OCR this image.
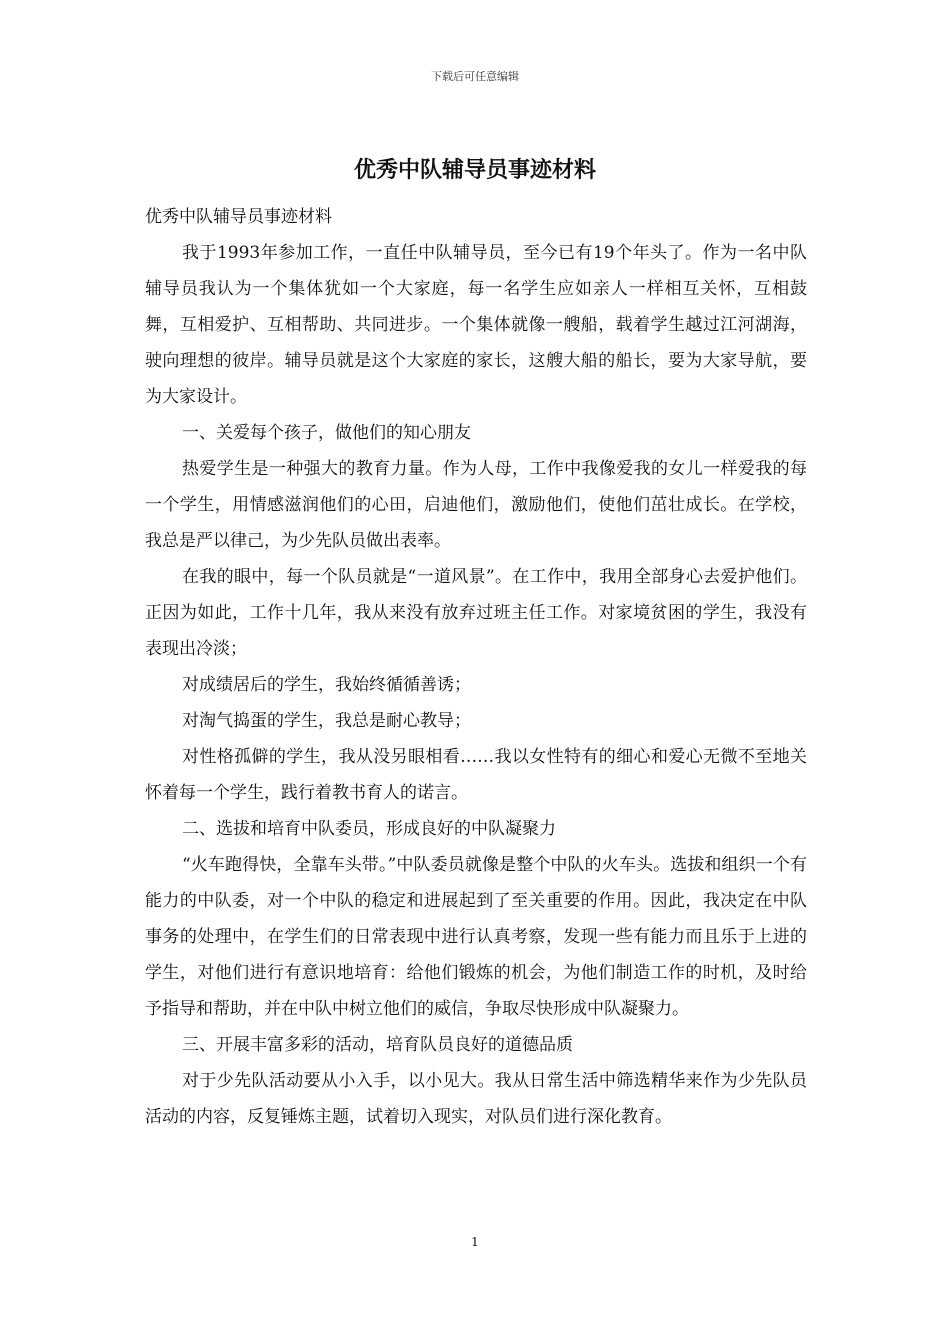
下载后可任意编辑
优秀中队辅导员事迹材料

优秀中队辅导员事迹材料

我于1993年参加工作，一直任中队辅导员，至今已有19个年头了。作为一名中队辅导员我认为一个集体犹如一个大家庭，每一名学生应如亲人一样相互关怀，互相鼓舞，互相爱护、互相帮助、共同进步。一个集体就像一艘船，载着学生越过江河湖海，驶向理想的彼岸。辅导员就是这个大家庭的家长，这艘大船的船长，要为大家导航，要为大家设计。

一、关爱每个孩子，做他们的知心朋友

热爱学生是一种强大的教育力量。作为人母，工作中我像爱我的女儿一样爱我的每一个学生，用情感滋润他们的心田，启迪他们，激励他们，使他们茁壮成长。在学校，我总是严以律己，为少先队员做出表率。

在我的眼中，每一个队员就是“一道风景”。在工作中，我用全部身心去爱护他们。正因为如此，工作十几年，我从来没有放弃过班主任工作。对家境贫困的学生，我没有表现出冷淡；

对成绩居后的学生，我始终循循善诱；

对淘气捣蛋的学生，我总是耐心教导；

对性格孤僻的学生，我从没另眼相看……我以女性特有的细心和爱心无微不至地关怀着每一个学生，践行着教书育人的诺言。

二、选拔和培育中队委员，形成良好的中队凝聚力

“火车跑得快，全靠车头带。”中队委员就像是整个中队的火车头。选拔和组织一个有能力的中队委，对一个中队的稳定和进展起到了至关重要的作用。因此，我决定在中队事务的处理中，在学生们的日常表现中进行认真考察，发现一些有能力而且乐于上进的学生，对他们进行有意识地培育：给他们锻炼的机会，为他们制造工作的时机，及时给予指导和帮助，并在中队中树立他们的威信，争取尽快形成中队凝聚力。

三、开展丰富多彩的活动，培育队员良好的道德品质

对于少先队活动要从小入手，以小见大。我从日常生活中筛选精华来作为少先队员活动的内容，反复锤炼主题，试着切入现实，对队员们进行深化教育。

1
